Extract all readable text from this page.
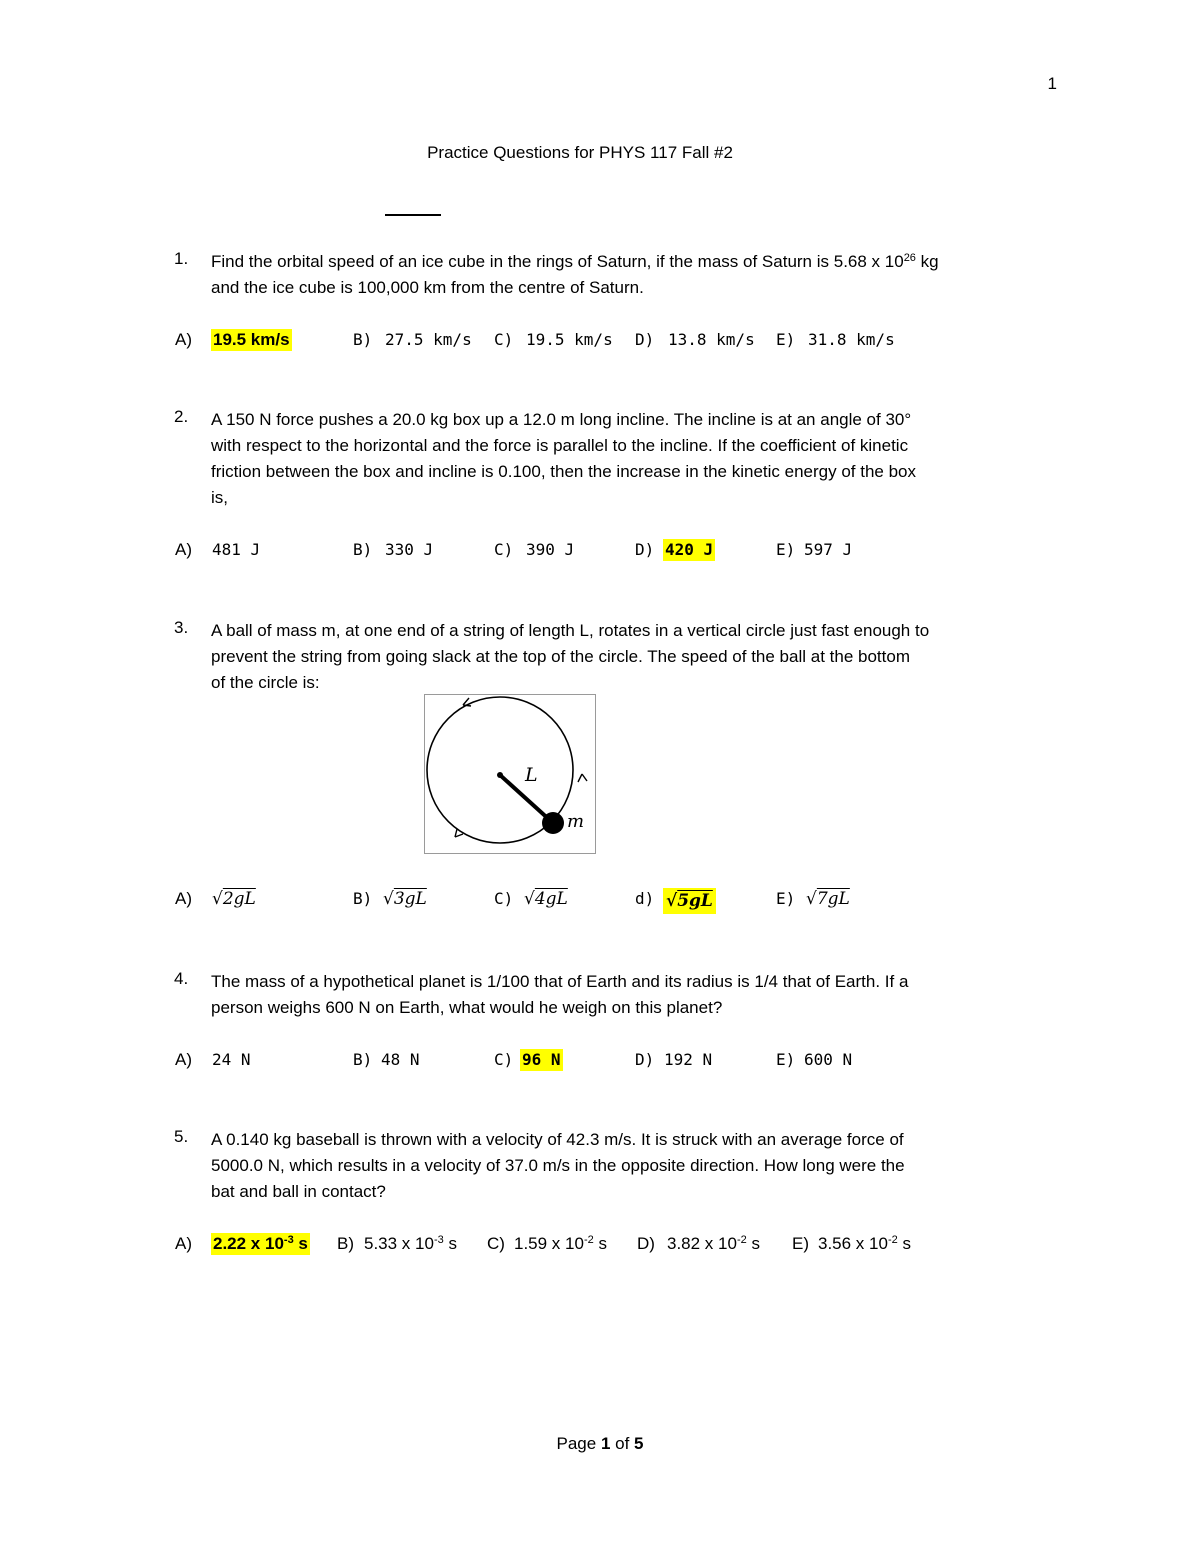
1
Practice Questions for PHYS 117 Fall #2
1.	Find the orbital speed of an ice cube in the rings of Saturn, if the mass of Saturn is 5.68 x $10^{26}$ kg
and the ice cube is 100,000 km from the centre of Saturn.
A) 19.5 km/s	B) 27.5 km/s C) 19.5 km/s D) 13.8 km/s E) 31.8 km/s
2.	A 150 N force pushes a 20.0 kg box up a 12.0 m long incline. The incline is at an angle of 30°
with respect to the horizontal and the force is parallel to the incline. If the coefficient of kinetic
friction between the box and incline is 0.100, then the increase in the kinetic energy of the box
is,
A) 481 J	B) 330 J	C) 390 J	D) 420 J	E) 597 J
3.	A ball of mass m, at one end of a string of length L, rotates in a vertical circle just fast enough to
prevent the string from going slack at the top of the circle. The speed of the ball at the bottom
of the circle is:
L
m
A) √2gL	B) √3gL	C) √4gL	d) √5gL	E) √7gL
4.	The mass of a hypothetical planet is 1/100 that of Earth and its radius is 1/4 that of Earth. If a
person weighs 600 N on Earth, what would he weigh on this planet?
A) 24 N	B) 48 N	C) 96 N	D) 192 N	E) 600 N
5.	A 0.140 kg baseball is thrown with a velocity of 42.3 m/s. It is struck with an average force of
5000.0 N, which results in a velocity of 37.0 m/s in the opposite direction. How long were the
bat and ball in contact?
A) 2.22 x $10^{-3}$ s B) 5.33 x $10^{-3}$ s C) 1.59 x $10^{-2}$ s D) 3.82 x $10^{-2}$ s E) 3.56 x $10^{-2}$ s
Page 1 of 5
